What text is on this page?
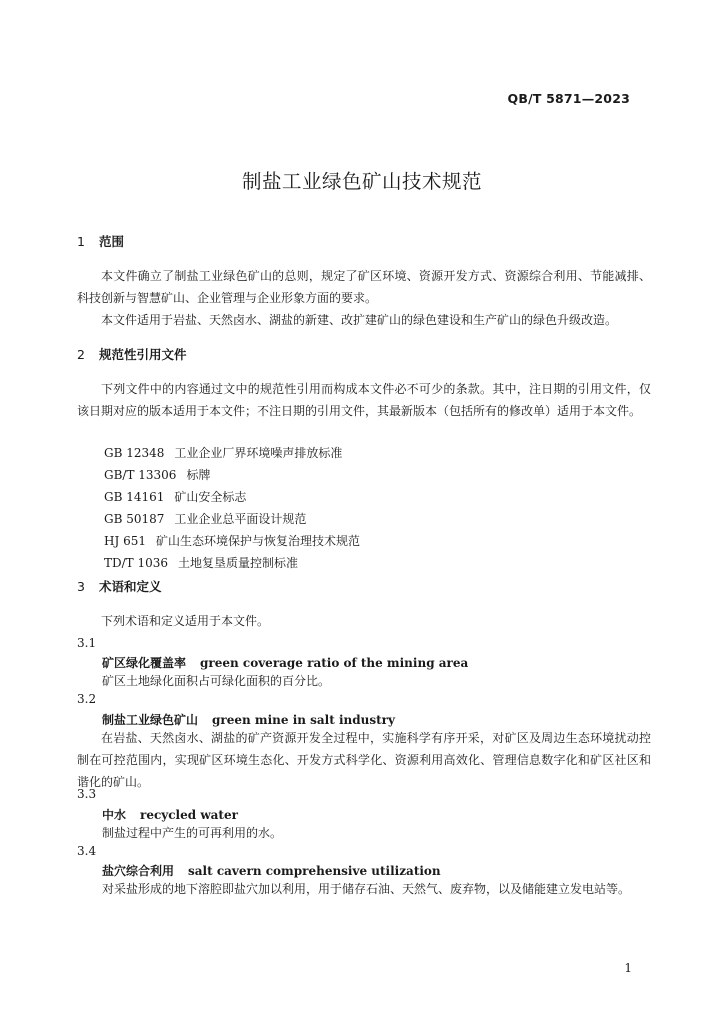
QB/T 5871—2023
制盐工业绿色矿山技术规范
1 范围
本文件确立了制盐工业绿色矿山的总则，规定了矿区环境、资源开发方式、资源综合利用、节能减排、科技创新与智慧矿山、企业管理与企业形象方面的要求。
本文件适用于岩盐、天然卤水、湖盐的新建、改扩建矿山的绿色建设和生产矿山的绿色升级改造。
2 规范性引用文件
下列文件中的内容通过文中的规范性引用而构成本文件必不可少的条款。其中，注日期的引用文件，仅该日期对应的版本适用于本文件；不注日期的引用文件，其最新版本（包括所有的修改单）适用于本文件。
GB 12348 工业企业厂界环境噪声排放标准
GB/T 13306 标牌
GB 14161 矿山安全标志
GB 50187 工业企业总平面设计规范
HJ 651 矿山生态环境保护与恢复治理技术规范
TD/T 1036 土地复垦质量控制标准
3 术语和定义
下列术语和定义适用于本文件。
3.1
矿区绿化覆盖率 green coverage ratio of the mining area
矿区土地绿化面积占可绿化面积的百分比。
3.2
制盐工业绿色矿山 green mine in salt industry
在岩盐、天然卤水、湖盐的矿产资源开发全过程中，实施科学有序开采，对矿区及周边生态环境扰动控制在可控范围内，实现矿区环境生态化、开发方式科学化、资源利用高效化、管理信息数字化和矿区社区和谐化的矿山。
3.3
中水 recycled water
制盐过程中产生的可再利用的水。
3.4
盐穴综合利用 salt cavern comprehensive utilization
对采盐形成的地下溶腔即盐穴加以利用，用于储存石油、天然气、废弃物，以及储能建立发电站等。
1
